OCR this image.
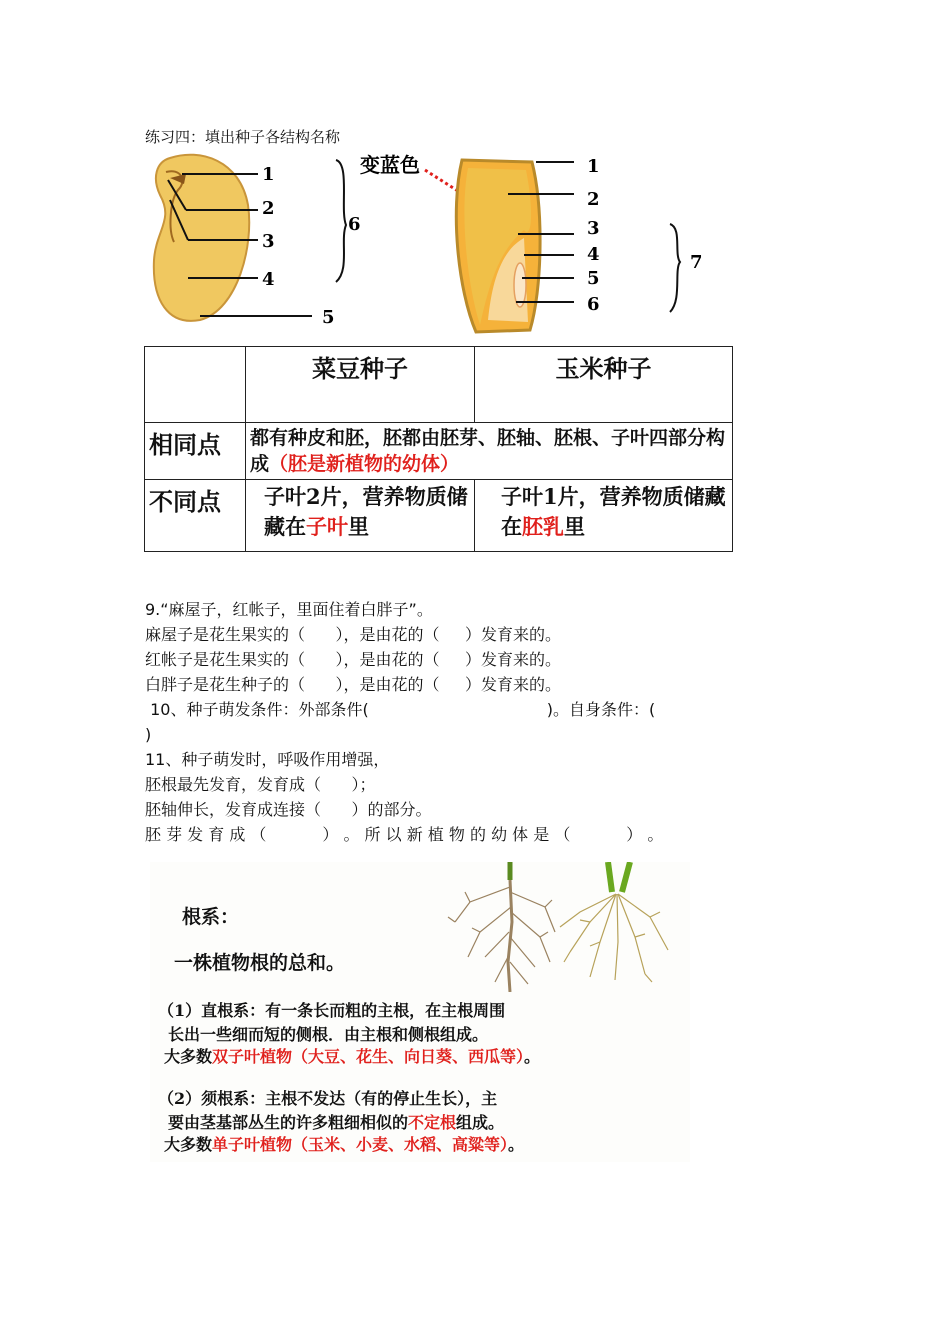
练习四：填出种子各结构名称
1
2
3
4
5
6
变蓝色	1
2
3
4
5
6
7
	菜豆种子	玉米种子
相同点	都有种皮和胚，胚都由胚芽、胚轴、胚根、子叶四部分构成（胚是新植物的幼体）	
不同点	子叶2片，营养物质储藏在子叶里	子叶1片，营养物质储藏在胚乳里
9.“麻屋子，红帐子，里面住着白胖子”。
麻屋子是花生果实的（      ），是由花的（     ）发育来的。
红帐子是花生果实的（      ），是由花的（     ）发育来的。
白胖子是花生种子的（      ），是由花的（     ）发育来的。
10、种子萌发条件：外部条件(                                   )。自身条件：(
)
11、种子萌发时，呼吸作用增强，
胚根最先发育，发育成（      ）；
胚轴伸长，发育成连接（      ）的部分。
胚 芽 发 育 成 （           ） 。 所 以 新 植 物 的 幼 体 是 （           ） 。
根系：
一株植物根的总和。
（1）直根系：有一条长而粗的主根，在主根周围
长出一些细而短的侧根．由主根和侧根组成。
大多数双子叶植物（大豆、花生、向日葵、西瓜等）。
（2）须根系：主根不发达（有的停止生长），主
要由茎基部丛生的许多粗细相似的不定根组成。
大多数单子叶植物（玉米、小麦、水稻、高粱等）。
